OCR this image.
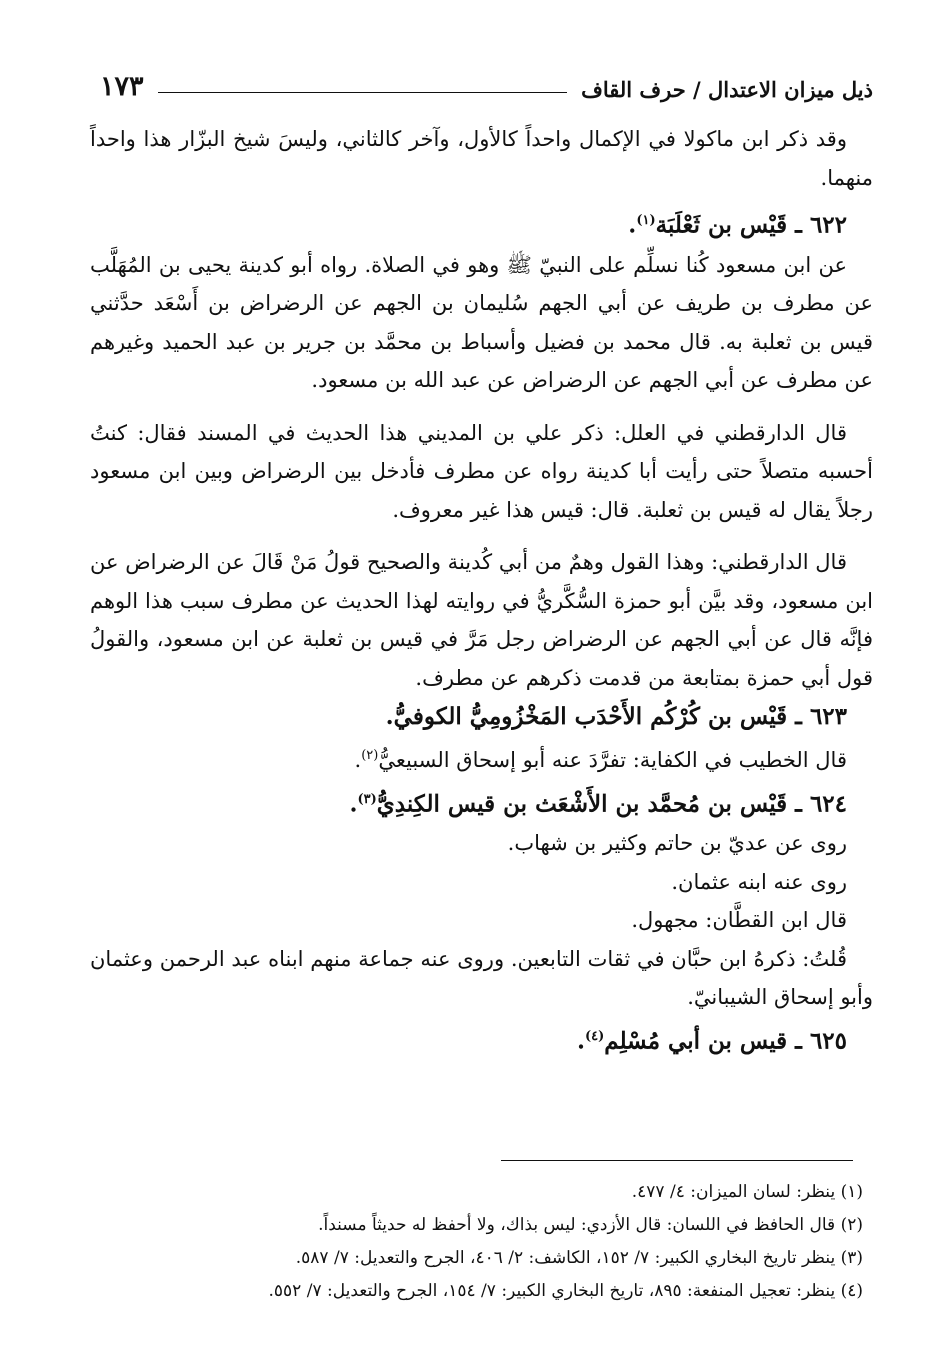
ذيل ميزان الاعتدال / حرف القاف
١٧٣

وقد ذكر ابن ماكولا في الإكمال واحداً كالأول، وآخر كالثاني، وليسَ شيخ البزّار هذا واحداً منهما.

٦٢٢ ـ قَيْس بن ثَعْلَبَة$^{(١)}$.

عن ابن مسعود كُنا نسلِّم على النبيّ ﷺ وهو في الصلاة. رواه أبو كدينة يحيى بن المُهَلَّب عن مطرف بن طريف عن أبي الجهم سُليمان بن الجهم عن الرضراض بن أَسْعَد حدَّثني قيس بن ثعلبة به. قال محمد بن فضيل وأسباط بن محمَّد بن جرير بن عبد الحميد وغيرهم عن مطرف عن أبي الجهم عن الرضراض عن عبد الله بن مسعود.

قال الدارقطني في العلل: ذكر علي بن المديني هذا الحديث في المسند فقال: كنتُ أحسبه متصلاً حتى رأيت أبا كدينة رواه عن مطرف فأدخل بين الرضراض وبين ابن مسعود رجلاً يقال له قيس بن ثعلبة. قال: قيس هذا غير معروف.

قال الدارقطني: وهذا القول وهمٌ من أبي كُدينة والصحيح قولُ مَنْ قَالَ عن الرضراض عن ابن مسعود، وقد بيَّن أبو حمزة السُّكَّريُّ في روايته لهذا الحديث عن مطرف سبب هذا الوهم فإنَّه قال عن أبي الجهم عن الرضراض رجل مَرَّ في قيس بن ثعلبة عن ابن مسعود، والقولُ قول أبي حمزة بمتابعة من قدمت ذكرهم عن مطرف.

٦٢٣ ـ قَيْس بن كُرْكُم الأَحْدَب المَخْزُومِيُّ الكوفيُّ.

قال الخطيب في الكفاية: تفرَّدَ عنه أبو إسحاق السبيعيُّ$^{(٢)}$.

٦٢٤ ـ قَيْس بن مُحمَّد بن الأَشْعَث بن قيس الكِندِيُّ$^{(٣)}$.

روى عن عديّ بن حاتم وكثير بن شهاب.

روى عنه ابنه عثمان.

قال ابن القطَّان: مجهول.

قُلتُ: ذكرهُ ابن حبَّان في ثقات التابعين. وروى عنه جماعة منهم ابناه عبد الرحمن وعثمان وأبو إسحاق الشيبانيّ.

٦٢٥ ـ قيس بن أبي مُسْلِم$^{(٤)}$.

(١) ينظر: لسان الميزان: ٤/ ٤٧٧.

(٢) قال الحافظ في اللسان: قال الأزدي: ليس بذاك، ولا أحفظ له حديثاً مسنداً.

(٣) ينظر تاريخ البخاري الكبير: ٧/ ١٥٢، الكاشف: ٢/ ٤٠٦، الجرح والتعديل: ٧/ ٥٨٧.

(٤) ينظر: تعجيل المنفعة: ٨٩٥، تاريخ البخاري الكبير: ٧/ ١٥٤، الجرح والتعديل: ٧/ ٥٥٢.
